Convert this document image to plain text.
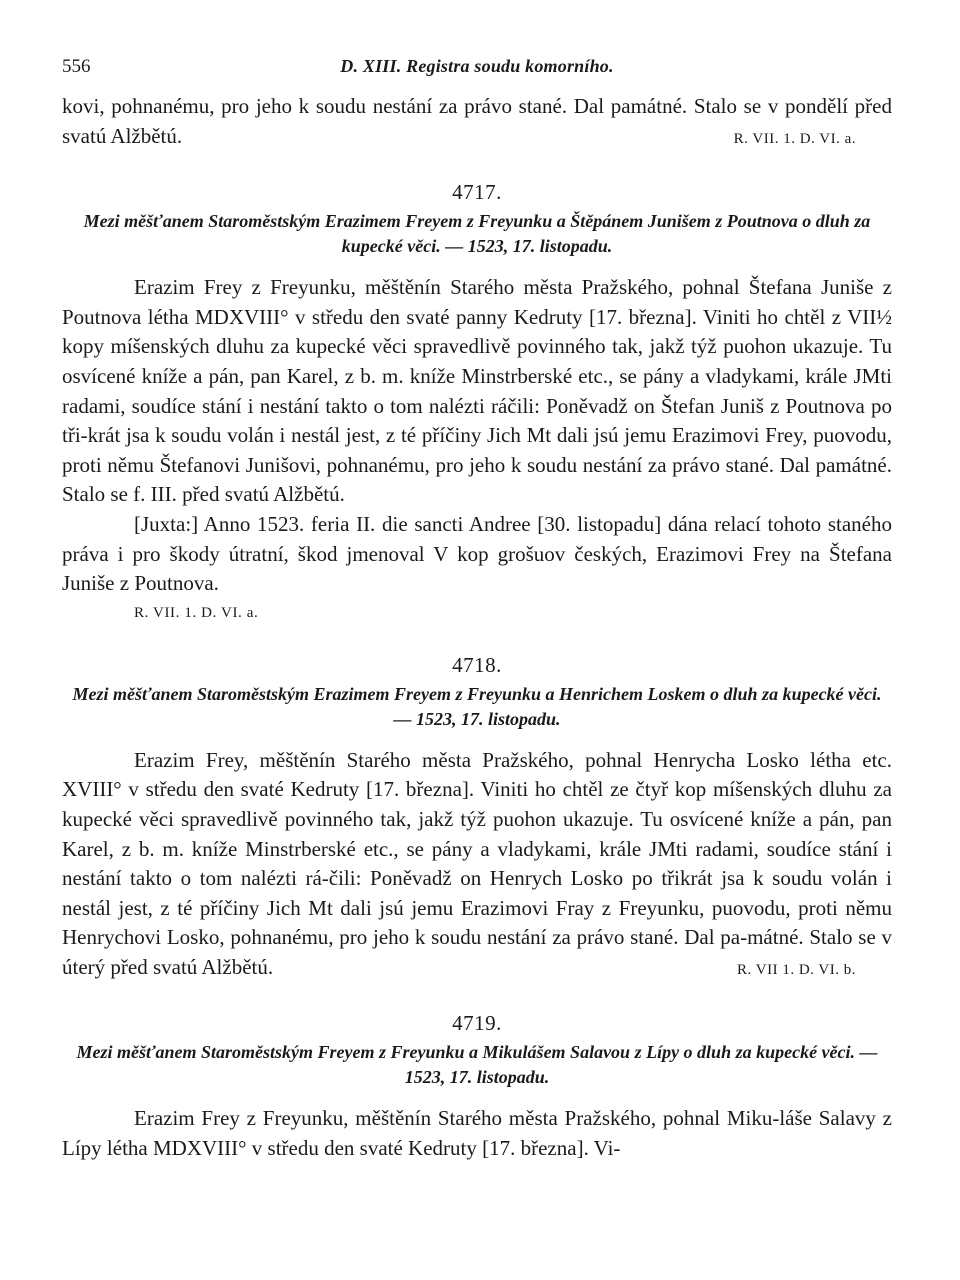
556	D. XIII. Registra soudu komorního.

kovi, pohnanému, pro jeho k soudu nestání za právo stané. Dal památné. Stalo se v pondělí před svatú Alžbětú.	R. VII. 1. D. VI. a.

4717.
Mezi měšťanem Staroměstským Erazimem Freyem z Freyunku a Štěpánem Junišem z Poutnova o dluh za kupecké věci. — 1523, 17. listopadu.

Erazim Frey z Freyunku, měštěnín Starého města Pražského, pohnal Štefana Juniše z Poutnova létha MDXVIII° v středu den svaté panny Kedruty [17. března]. Viniti ho chtěl z VII½ kopy míšenských dluhu za kupecké věci spravedlivě povinného tak, jakž týž puohon ukazuje. Tu osvícené kníže a pán, pan Karel, z b. m. kníže Minstrberské etc., se pány a vladykami, krále JMti radami, soudíce stání i nestání takto o tom nalézti ráčili: Poněvadž on Štefan Juniš z Poutnova po tři-krát jsa k soudu volán i nestál jest, z té příčiny Jich Mt dali jsú jemu Erazimovi Frey, puovodu, proti němu Štefanovi Junišovi, pohnanému, pro jeho k soudu nestání za právo stané. Dal památné. Stalo se f. III. před svatú Alžbětú.

[Juxta:] Anno 1523. feria II. die sancti Andree [30. listopadu] dána relací tohoto staného práva i pro škody útratní, škod jmenoval V kop grošuov českých, Erazimovi Frey na Štefana Juniše z Poutnova.

R. VII. 1. D. VI. a.
4718.
Mezi měšťanem Staroměstským Erazimem Freyem z Freyunku a Henrichem Loskem o dluh za kupecké věci. — 1523, 17. listopadu.

Erazim Frey, měštěnín Starého města Pražského, pohnal Henrycha Losko létha etc. XVIII° v středu den svaté Kedruty [17. března]. Viniti ho chtěl ze čtyř kop míšenských dluhu za kupecké věci spravedlivě povinného tak, jakž týž puohon ukazuje. Tu osvícené kníže a pán, pan Karel, z b. m. kníže Minstrberské etc., se pány a vladykami, krále JMti radami, soudíce stání i nestání takto o tom nalézti rá-čili: Poněvadž on Henrych Losko po třikrát jsa k soudu volán i nestál jest, z té příčiny Jich Mt dali jsú jemu Erazimovi Fray z Freyunku, puovodu, proti němu Henrychovi Losko, pohnanému, pro jeho k soudu nestání za právo stané. Dal pa-mátné. Stalo se v úterý před svatú Alžbětú.	R. VII 1. D. VI. b.

4719.
Mezi měšťanem Staroměstským Freyem z Freyunku a Mikulášem Salavou z Lípy o dluh za kupecké věci. — 1523, 17. listopadu.

Erazim Frey z Freyunku, měštěnín Starého města Pražského, pohnal Miku-láše Salavy z Lípy létha MDXVIII° v středu den svaté Kedruty [17. března]. Vi-
